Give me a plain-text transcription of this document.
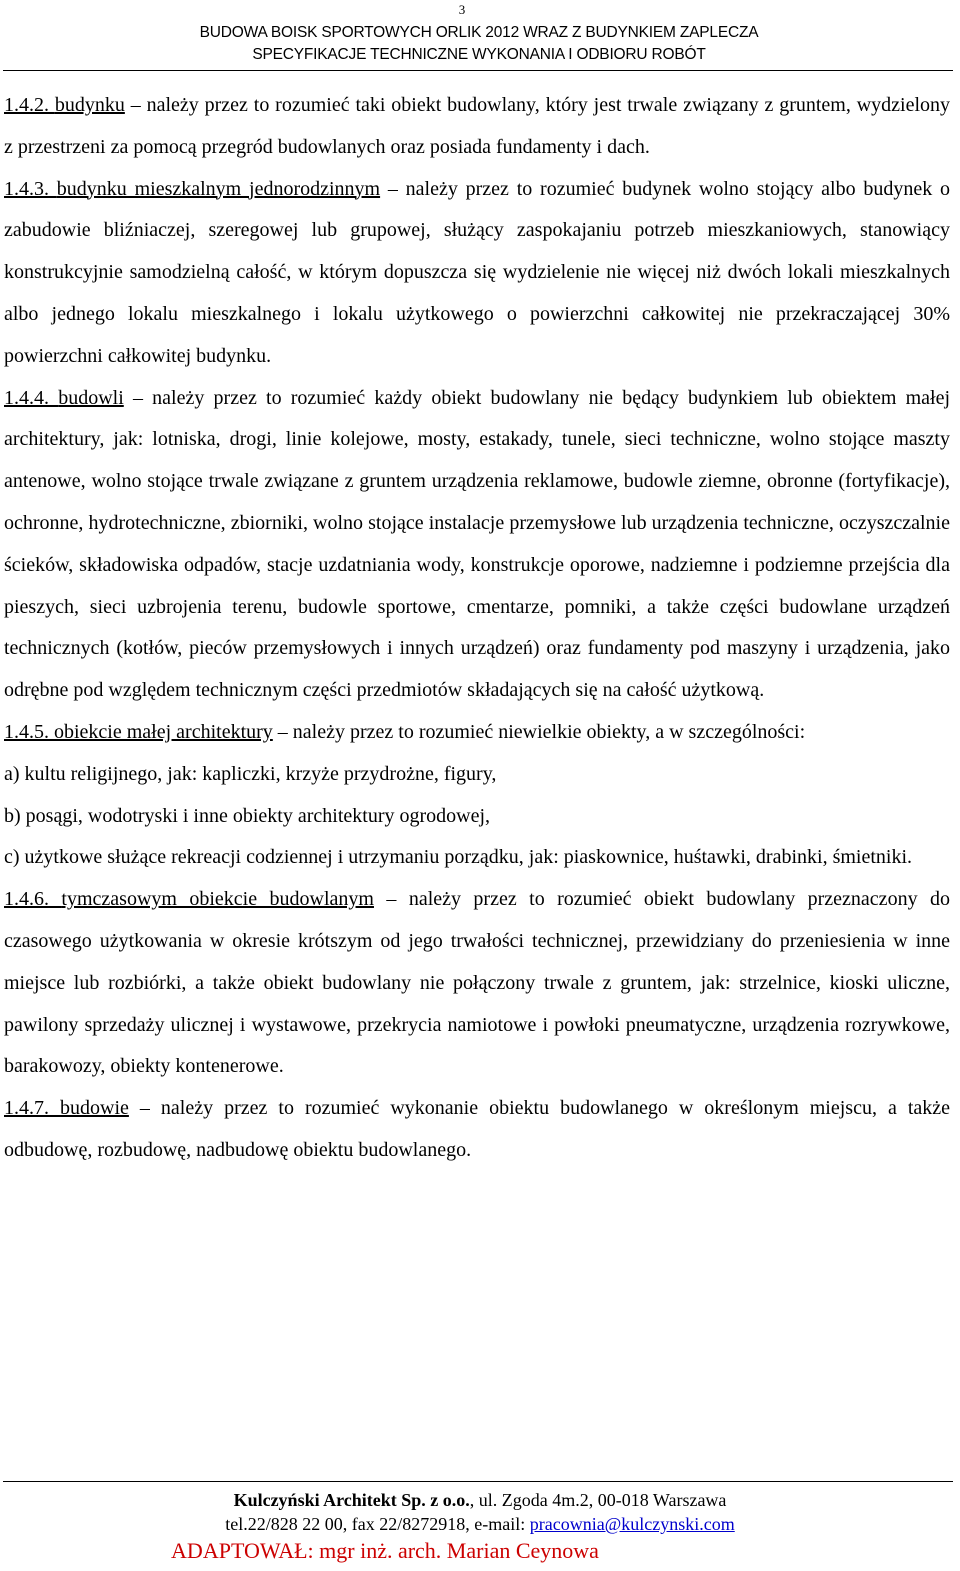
3
BUDOWA BOISK SPORTOWYCH ORLIK 2012 WRAZ Z BUDYNKIEM ZAPLECZA
SPECYFIKACJE TECHNICZNE WYKONANIA I ODBIORU ROBÓT

1.4.2. budynku – należy przez to rozumieć taki obiekt budowlany, który jest trwale związany z gruntem, wydzielony z przestrzeni za pomocą przegród budowlanych oraz posiada fundamenty i dach.

1.4.3. budynku mieszkalnym jednorodzinnym – należy przez to rozumieć budynek wolno stojący albo budynek o zabudowie bliźniaczej, szeregowej lub grupowej, służący zaspokajaniu potrzeb mieszkaniowych, stanowiący konstrukcyjnie samodzielną całość, w którym dopuszcza się wydzielenie nie więcej niż dwóch lokali mieszkalnych albo jednego lokalu mieszkalnego i lokalu użytkowego o powierzchni całkowitej nie przekraczającej 30% powierzchni całkowitej budynku.

1.4.4. budowli – należy przez to rozumieć każdy obiekt budowlany nie będący budynkiem lub obiektem małej architektury, jak: lotniska, drogi, linie kolejowe, mosty, estakady, tunele, sieci techniczne, wolno stojące maszty antenowe, wolno stojące trwale związane z gruntem urządzenia reklamowe, budowle ziemne, obronne (fortyfikacje), ochronne, hydrotechniczne, zbiorniki, wolno stojące instalacje przemysłowe lub urządzenia techniczne, oczyszczalnie ścieków, składowiska odpadów, stacje uzdatniania wody, konstrukcje oporowe, nadziemne i podziemne przejścia dla pieszych, sieci uzbrojenia terenu, budowle sportowe, cmentarze, pomniki, a także części budowlane urządzeń technicznych (kotłów, pieców przemysłowych i innych urządzeń) oraz fundamenty pod maszyny i urządzenia, jako odrębne pod względem technicznym części przedmiotów składających się na całość użytkową.

1.4.5. obiekcie małej architektury – należy przez to rozumieć niewielkie obiekty, a w szczególności:

a) kultu religijnego, jak: kapliczki, krzyże przydrożne, figury,

b) posągi, wodotryski i inne obiekty architektury ogrodowej,

c) użytkowe służące rekreacji codziennej i utrzymaniu porządku, jak: piaskownice, huśtawki, drabinki, śmietniki.

1.4.6. tymczasowym obiekcie budowlanym – należy przez to rozumieć obiekt budowlany przeznaczony do czasowego użytkowania w okresie krótszym od jego trwałości technicznej, przewidziany do przeniesienia w inne miejsce lub rozbiórki, a także obiekt budowlany nie połączony trwale z gruntem, jak: strzelnice, kioski uliczne, pawilony sprzedaży ulicznej i wystawowe, przekrycia namiotowe i powłoki pneumatyczne, urządzenia rozrywkowe, barakowozy, obiekty kontenerowe.

1.4.7. budowie – należy przez to rozumieć wykonanie obiektu budowlanego w określonym miejscu, a także odbudowę, rozbudowę, nadbudowę obiektu budowlanego.

Kulczyński Architekt Sp. z o.o., ul. Zgoda 4m.2, 00-018 Warszawa
tel.22/828 22 00, fax 22/8272918, e-mail: pracownia@kulczynski.com
ADAPTOWAŁ: mgr inż. arch. Marian Ceynowa
